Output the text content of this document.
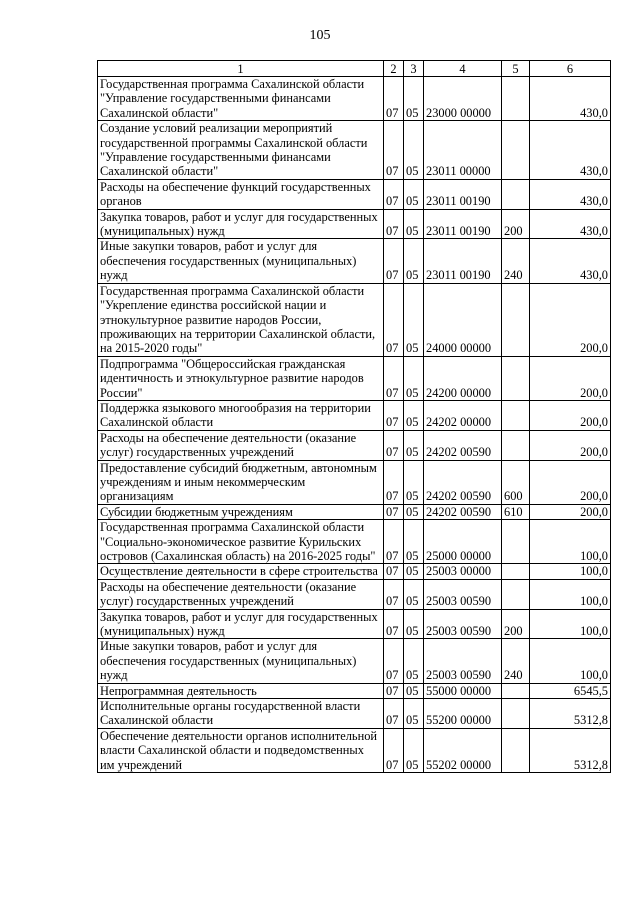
105
1	2	3	4	5	6
Государственная программа Сахалинской области "Управление государственными финансами Сахалинской области"	07	05	23000 00000		430,0
Создание условий реализации мероприятий государственной программы Сахалинской области "Управление государственными финансами Сахалинской области"	07	05	23011 00000		430,0
Расходы на обеспечение функций государственных органов	07	05	23011 00190		430,0
Закупка товаров, работ и услуг для государственных (муниципальных) нужд	07	05	23011 00190	200	430,0
Иные закупки товаров, работ и услуг для обеспечения государственных (муниципальных) нужд	07	05	23011 00190	240	430,0
Государственная программа Сахалинской области "Укрепление единства российской нации и этнокультурное развитие народов России, проживающих на территории Сахалинской области, на 2015-2020 годы"	07	05	24000 00000		200,0
Подпрограмма "Общероссийская гражданская идентичность и этнокультурное развитие народов России"	07	05	24200 00000		200,0
Поддержка языкового многообразия на территории Сахалинской области	07	05	24202 00000		200,0
Расходы на обеспечение деятельности (оказание услуг) государственных учреждений	07	05	24202 00590		200,0
Предоставление субсидий бюджетным, автономным учреждениям и иным некоммерческим организациям	07	05	24202 00590	600	200,0
Субсидии бюджетным учреждениям	07	05	24202 00590	610	200,0
Государственная программа Сахалинской области "Социально-экономическое развитие Курильских островов (Сахалинская область) на 2016-2025 годы"	07	05	25000 00000		100,0
Осуществление деятельности в сфере строительства	07	05	25003 00000		100,0
Расходы на обеспечение деятельности (оказание услуг) государственных учреждений	07	05	25003 00590		100,0
Закупка товаров, работ и услуг для государственных (муниципальных) нужд	07	05	25003 00590	200	100,0
Иные закупки товаров, работ и услуг для обеспечения государственных (муниципальных) нужд	07	05	25003 00590	240	100,0
Непрограммная деятельность	07	05	55000 00000		6545,5
Исполнительные органы государственной власти Сахалинской области	07	05	55200 00000		5312,8
Обеспечение деятельности органов исполнительной власти Сахалинской области и подведомственных им учреждений	07	05	55202 00000		5312,8
